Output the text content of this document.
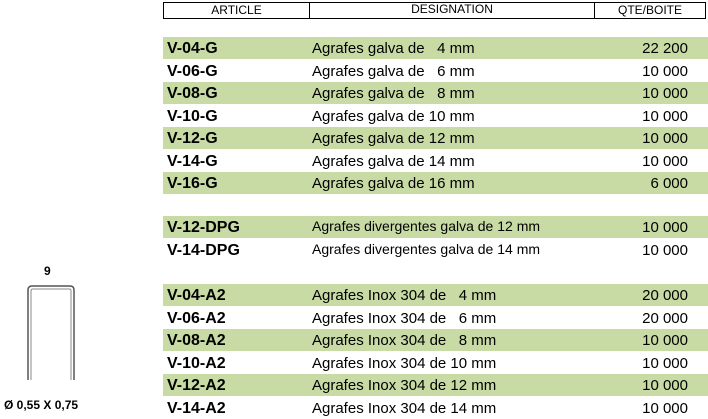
ARTICLE	DESIGNATION	QTE/BOITE
V-04-G	Agrafes galva de   4 mm	22 200
V-06-G	Agrafes galva de   6 mm	10 000
V-08-G	Agrafes galva de   8 mm	10 000
V-10-G	Agrafes galva de 10 mm	10 000
V-12-G	Agrafes galva de 12 mm	10 000
V-14-G	Agrafes galva de 14 mm	10 000
V-16-G	Agrafes galva de 16 mm	6 000
V-12-DPG	Agrafes divergentes galva de 12 mm	10 000
V-14-DPG	Agrafes divergentes galva de 14 mm	10 000
V-04-A2	Agrafes Inox 304 de   4 mm	20 000
V-06-A2	Agrafes Inox 304 de   6 mm	20 000
V-08-A2	Agrafes Inox 304 de   8 mm	10 000
V-10-A2	Agrafes Inox 304 de 10 mm	10 000
V-12-A2	Agrafes Inox 304 de 12 mm	10 000
V-14-A2	Agrafes Inox 304 de 14 mm	10 000
9
Ø 0,55 X 0,75
